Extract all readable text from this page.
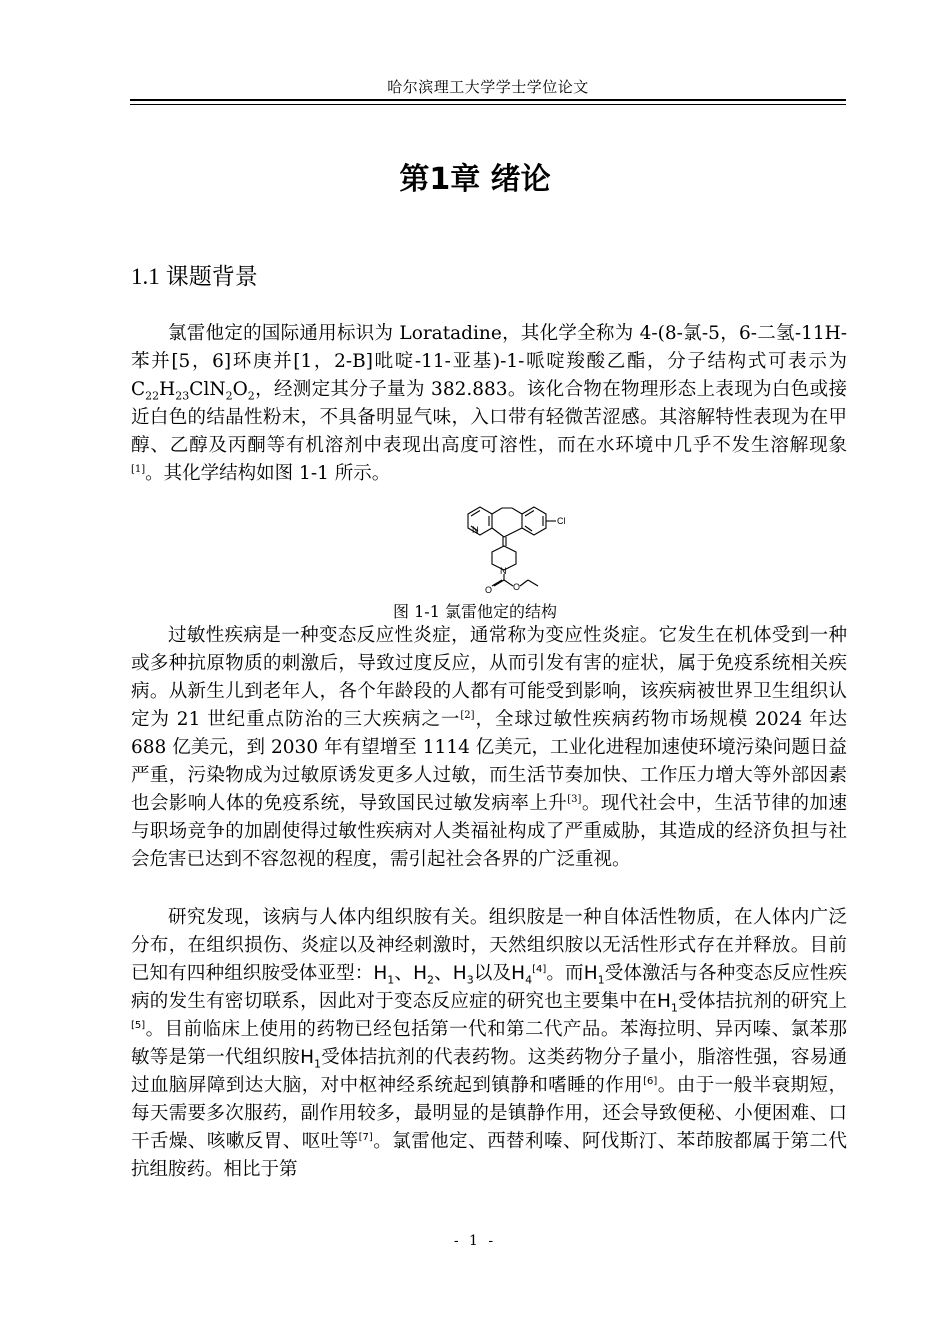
哈尔滨理工大学学士学位论文
第1章 绪论
1.1 课题背景
氯雷他定的国际通用标识为 Loratadine，其化学全称为 4-(8-氯-5，6-二氢-11H-苯并[5，6]环庚并[1，2-B]吡啶-11-亚基)-1-哌啶羧酸乙酯，分子结构式可表示为 $C_{22}H_{23}ClN_2O_2$，经测定其分子量为 382.883。该化合物在物理形态上表现为白色或接近白色的结晶性粉末，不具备明显气味，入口带有轻微苦涩感。其溶解特性表现为在甲醇、乙醇及丙酮等有机溶剂中表现出高度可溶性，而在水环境中几乎不发生溶解现象[1]。其化学结构如图 1-1 所示。
N
Cl
N
O O
图 1-1 氯雷他定的结构
过敏性疾病是一种变态反应性炎症，通常称为变应性炎症。它发生在机体受到一种或多种抗原物质的刺激后，导致过度反应，从而引发有害的症状，属于免疫系统相关疾病。从新生儿到老年人，各个年龄段的人都有可能受到影响，该疾病被世界卫生组织认定为 21 世纪重点防治的三大疾病之一[2]，全球过敏性疾病药物市场规模 2024 年达 688 亿美元，到 2030 年有望增至 1114 亿美元，工业化进程加速使环境污染问题日益严重，污染物成为过敏原诱发更多人过敏，而生活节奏加快、工作压力增大等外部因素也会影响人体的免疫系统，导致国民过敏发病率上升[3]。现代社会中，生活节律的加速与职场竞争的加剧使得过敏性疾病对人类福祉构成了严重威胁，其造成的经济负担与社会危害已达到不容忽视的程度，需引起社会各界的广泛重视。
研究发现，该病与人体内组织胺有关。组织胺是一种自体活性物质，在人体内广泛分布，在组织损伤、炎症以及神经刺激时，天然组织胺以无活性形式存在并释放。目前已知有四种组织胺受体亚型：$H_1$、$H_2$、$H_3$以及$H_4[4]$。而$H_1$受体激活与各种变态反应性疾病的发生有密切联系，因此对于变态反应症的研究也主要集中在$H_1$受体拮抗剂的研究上[5]。目前临床上使用的药物已经包括第一代和第二代产品。苯海拉明、异丙嗪、氯苯那敏等是第一代组织胺$H_1$受体拮抗剂的代表药物。这类药物分子量小，脂溶性强，容易通过血脑屏障到达大脑，对中枢神经系统起到镇静和嗜睡的作用[6]。由于一般半衰期短，每天需要多次服药，副作用较多，最明显的是镇静作用，还会导致便秘、小便困难、口干舌燥、咳嗽反胃、呕吐等[7]。氯雷他定、西替利嗪、阿伐斯汀、苯茚胺都属于第二代抗组胺药。相比于第
- 1 -
